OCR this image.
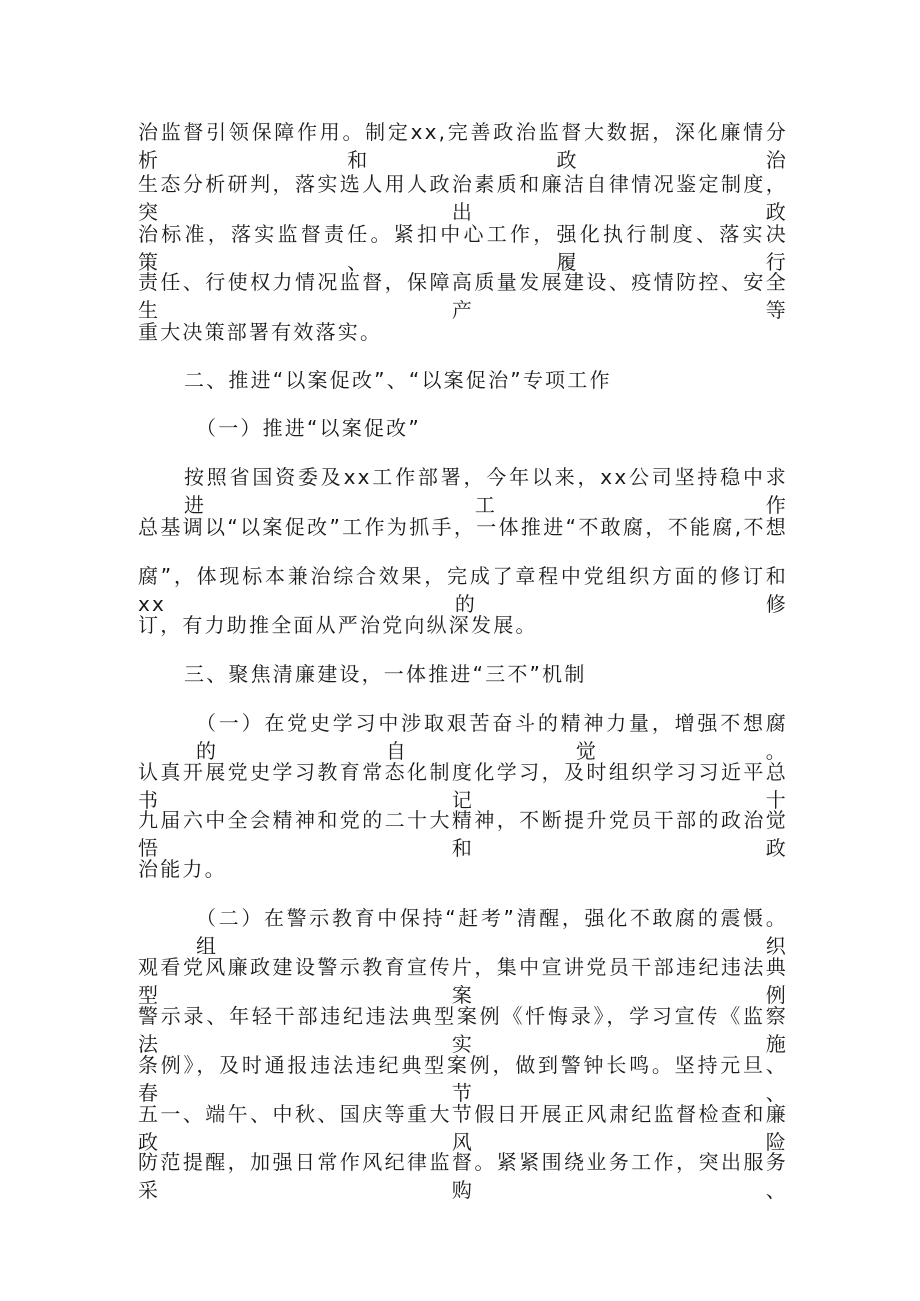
治监督引领保障作用。制定xx,完善政治监督大数据，深化廉情分析和政治
生态分析研判，落实选人用人政治素质和廉洁自律情况鉴定制度，突出政
治标准，落实监督责任。紧扣中心工作，强化执行制度、落实决策、履行
责任、行使权力情况监督，保障高质量发展建设、疫情防控、安全生产等
重大决策部署有效落实。
二、推进“以案促改”、“以案促治”专项工作
（一）推进“以案促改”
按照省国资委及xx工作部署，今年以来，xx公司坚持稳中求进工作
总基调以“以案促改”工作为抓手，一体推进“不敢腐，不能腐,不想
腐”，体现标本兼治综合效果，完成了章程中党组织方面的修订和xx的修
订，有力助推全面从严治党向纵深发展。
三、聚焦清廉建设，一体推进“三不”机制
（一）在党史学习中涉取艰苦奋斗的精神力量，增强不想腐的自觉。
认真开展党史学习教育常态化制度化学习，及时组织学习习近平总书记十
九届六中全会精神和党的二十大精神，不断提升党员干部的政治觉悟和政
治能力。
（二）在警示教育中保持“赶考”清醒，强化不敢腐的震慑。组织
观看党风廉政建设警示教育宣传片，集中宣讲党员干部违纪违法典型案例
警示录、年轻干部违纪违法典型案例《忏悔录》，学习宣传《监察法实施
条例》，及时通报违法违纪典型案例，做到警钟长鸣。坚持元旦、春节、
五一、端午、中秋、国庆等重大节假日开展正风肃纪监督检查和廉政风险
防范提醒，加强日常作风纪律监督。紧紧围绕业务工作，突出服务采购、
